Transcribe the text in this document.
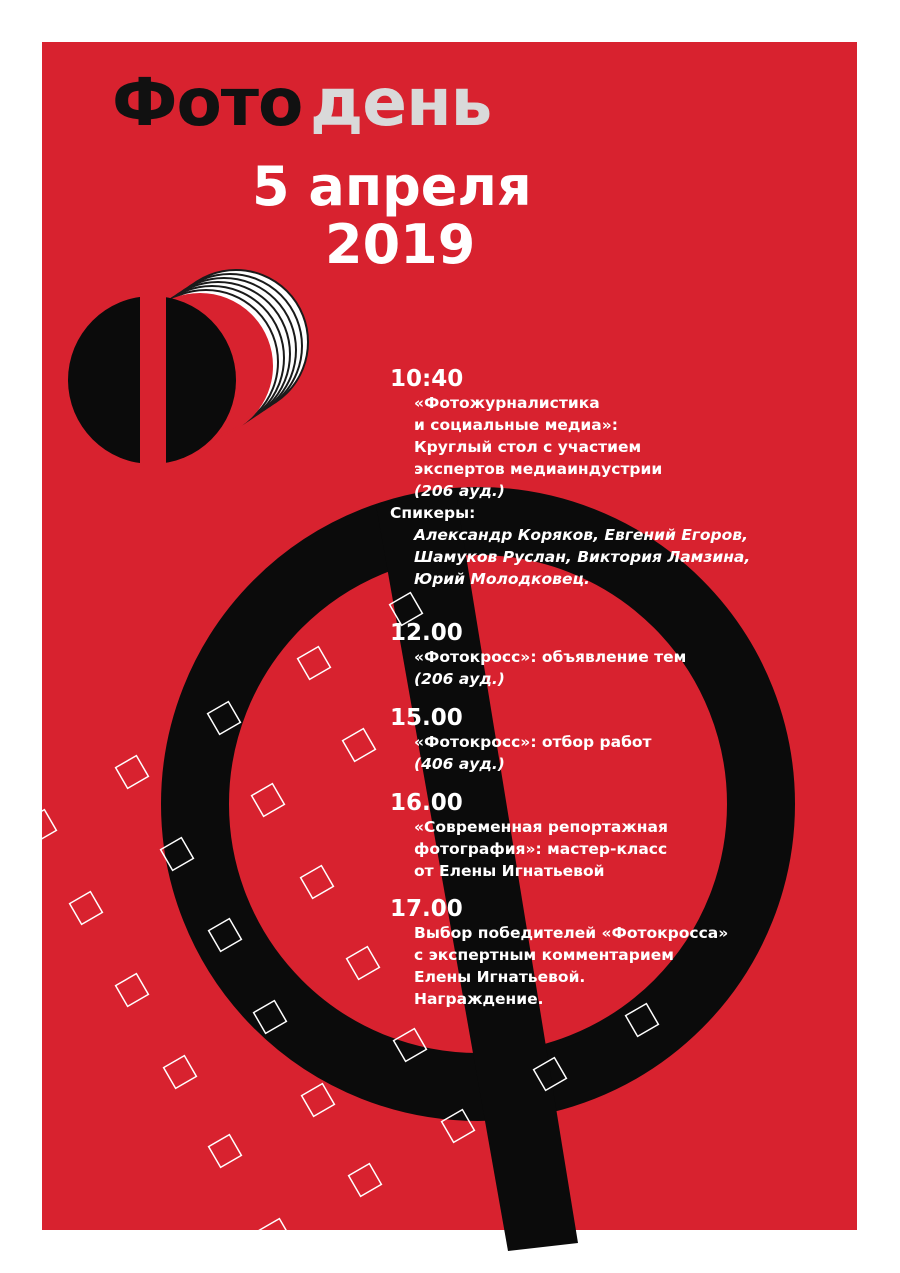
Фото день
5 апреля
2019
10:40
«Фотожурналистика
и социальные медиа»:
Круглый стол с участием
экспертов медиаиндустрии
(206 ауд.)
Спикеры:
Александр Коряков, Евгений Егоров,
Шамуков Руслан, Виктория Ламзина,
Юрий Молодковец.
12.00
«Фотокросс»: объявление тем
(206 ауд.)
15.00
«Фотокросс»: отбор работ
(406 ауд.)
16.00
«Современная репортажная
фотография»: мастер-класс
от Елены Игнатьевой
17.00
Выбор победителей «Фотокросса»
с экспертным комментарием
Елены Игнатьевой.
Награждение.
